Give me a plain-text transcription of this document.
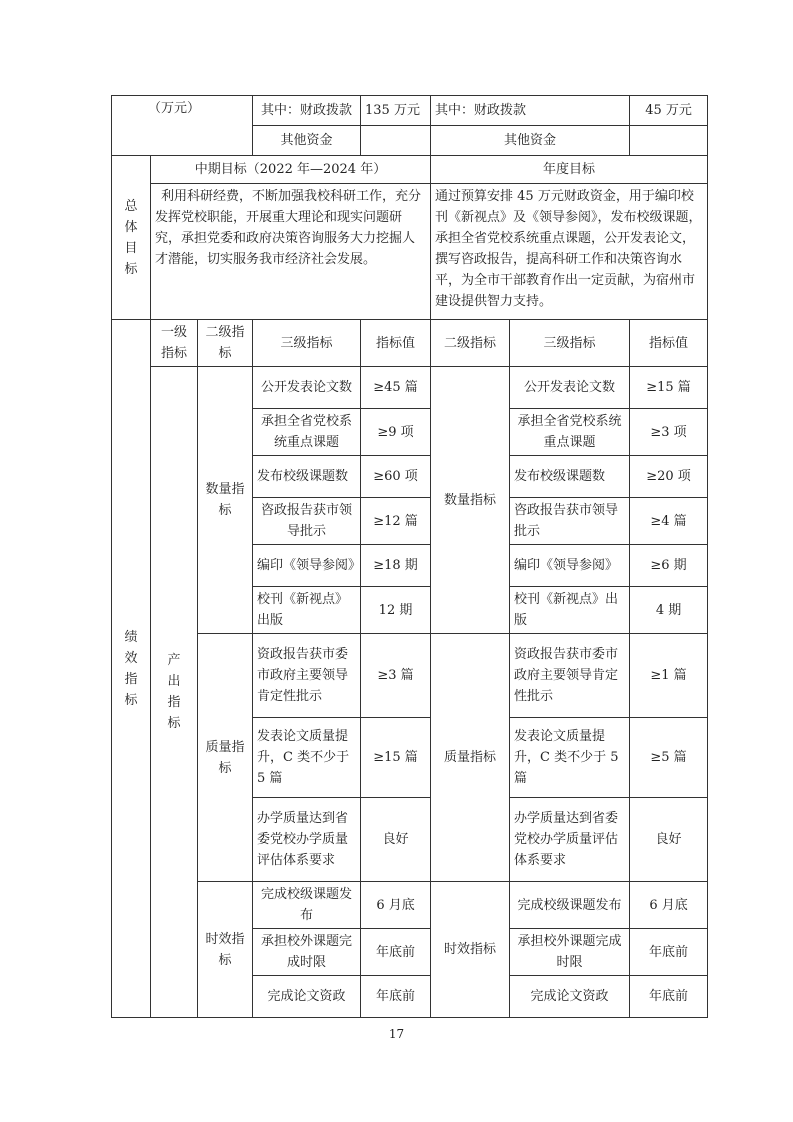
（万元）			其中：财政拨款	135 万元	其中：财政拨款		45 万元
			其他资金		其他资金		

总
体
目
标	中期目标（2022 年—2024 年）				年度目标		
	利用科研经费，不断加强我校科研工作，充分发挥党校职能，开展重大理论和现实问题研究，承担党委和政府决策咨询服务大力挖掘人才潜能，切实服务我市经济社会发展。				通过预算安排 45 万元财政资金，用于编印校刊《新视点》及《领导参阅》，发布校级课题，承担全省党校系统重点课题，公开发表论文，撰写咨政报告，提高科研工作和决策咨询水平，为全市干部教育作出一定贡献，为宿州市建设提供智力支持。		

绩
效
指
标	一级指标	二级指标	三级指标	指标值	二级指标	三级指标	指标值

	产
出
指
标	数量指标	公开发表论文数	≥45 篇	数量指标	公开发表论文数	≥15 篇
			承担全省党校系统重点课题	≥9 项		承担全省党校系统重点课题	≥3 项
			发布校级课题数	≥60 项		发布校级课题数	≥20 项
			咨政报告获市领导批示	≥12 篇		咨政报告获市领导批示	≥4 篇
			编印《领导参阅》	≥18 期		编印《领导参阅》	≥6 期
			校刊《新视点》出版	12 期		校刊《新视点》出版	4 期
		质量指标	资政报告获市委市政府主要领导肯定性批示	≥3 篇	质量指标	资政报告获市委市政府主要领导肯定性批示	≥1 篇
			发表论文质量提升，C 类不少于 5 篇	≥15 篇		发表论文质量提升，C 类不少于 5 篇	≥5 篇
			办学质量达到省委党校办学质量评估体系要求	良好		办学质量达到省委党校办学质量评估体系要求	良好
		时效指标	完成校级课题发布	6 月底	时效指标	完成校级课题发布	6 月底
			承担校外课题完成时限	年底前		承担校外课题完成时限	年底前
			完成论文资政	年底前		完成论文资政	年底前
17
